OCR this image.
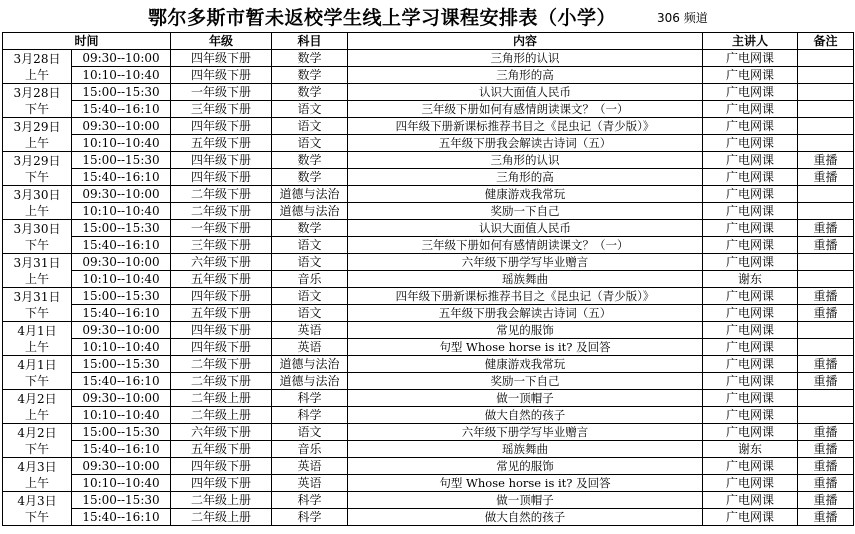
鄂尔多斯市暂未返校学生线上学习课程安排表（小学）	306 频道
时间		年级	科目	内容	主讲人	备注

3月28日
上午	09:30--10:00	四年级下册	数学	三角形的认识	广电网课	
	10:10--10:40	四年级下册	数学	三角形的高	广电网课	

3月28日
下午	15:00--15:30	一年级下册	数学	认识大面值人民币	广电网课	
	15:40--16:10	三年级下册	语文	三年级下册如何有感情朗读课文？（一）	广电网课	

3月29日
上午	09:30--10:00	四年级下册	语文	四年级下册新课标推荐书目之《昆虫记（青少版）》	广电网课	
	10:10--10:40	五年级下册	语文	五年级下册我会解读古诗词（五）	广电网课	

3月29日
下午	15:00--15:30	四年级下册	数学	三角形的认识	广电网课	重播
	15:40--16:10	四年级下册	数学	三角形的高	广电网课	重播

3月30日
上午	09:30--10:00	二年级下册	道德与法治	健康游戏我常玩	广电网课	
	10:10--10:40	二年级下册	道德与法治	奖励一下自己	广电网课	

3月30日
下午	15:00--15:30	一年级下册	数学	认识大面值人民币	广电网课	重播
	15:40--16:10	三年级下册	语文	三年级下册如何有感情朗读课文？（一）	广电网课	重播

3月31日
上午	09:30--10:00	六年级下册	语文	六年级下册学写毕业赠言	广电网课	
	10:10--10:40	五年级下册	音乐	瑶族舞曲	谢东	

3月31日
下午	15:00--15:30	四年级下册	语文	四年级下册新课标推荐书目之《昆虫记（青少版）》	广电网课	重播
	15:40--16:10	五年级下册	语文	五年级下册我会解读古诗词（五）	广电网课	重播

4月1日
上午	09:30--10:00	四年级下册	英语	常见的服饰	广电网课	
	10:10--10:40	四年级下册	英语	句型 Whose horse is it? 及回答	广电网课	

4月1日
下午	15:00--15:30	二年级下册	道德与法治	健康游戏我常玩	广电网课	重播
	15:40--16:10	二年级下册	道德与法治	奖励一下自己	广电网课	重播

4月2日
上午	09:30--10:00	二年级上册	科学	做一顶帽子	广电网课	
	10:10--10:40	二年级上册	科学	做大自然的孩子	广电网课	

4月2日
下午	15:00--15:30	六年级下册	语文	六年级下册学写毕业赠言	广电网课	重播
	15:40--16:10	五年级下册	音乐	瑶族舞曲	谢东	重播

4月3日
上午	09:30--10:00	四年级下册	英语	常见的服饰	广电网课	重播
	10:10--10:40	四年级下册	英语	句型 Whose horse is it? 及回答	广电网课	重播

4月3日
下午	15:00--15:30	二年级上册	科学	做一顶帽子	广电网课	重播
	15:40--16:10	二年级上册	科学	做大自然的孩子	广电网课	重播
